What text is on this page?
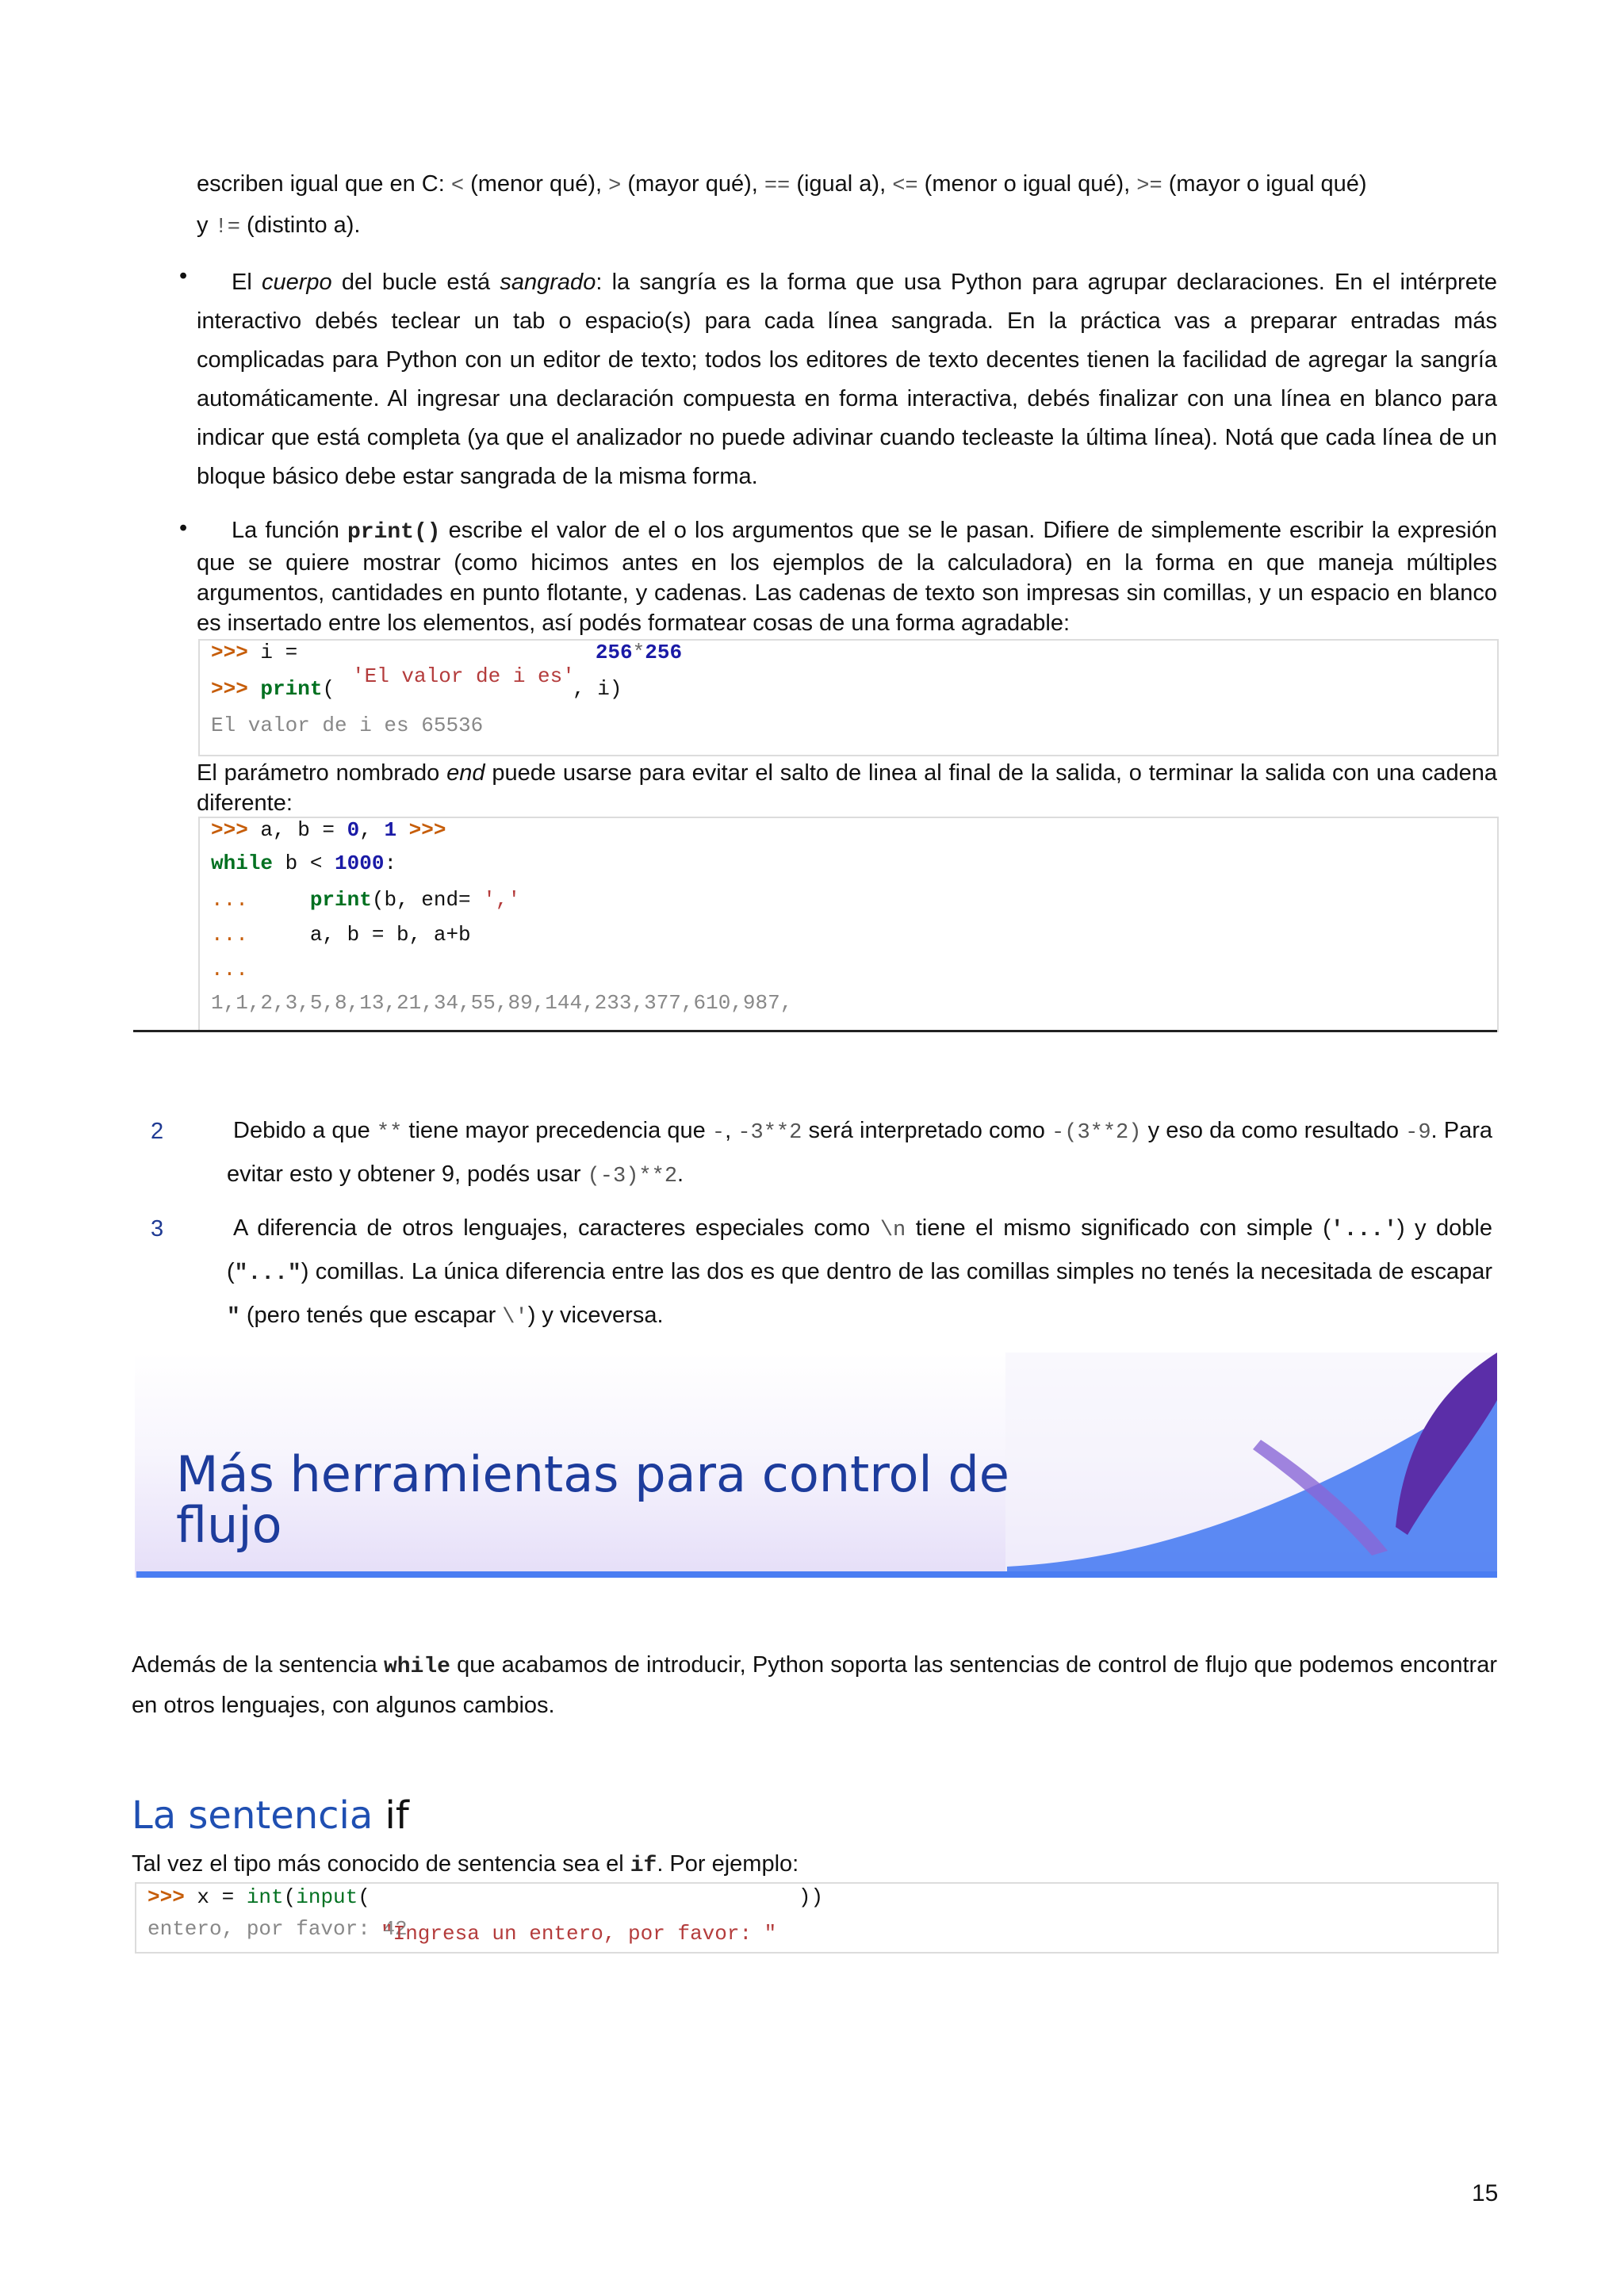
escriben igual que en C: < (menor qué), > (mayor qué), == (igual a), <= (menor o igual qué), >= (mayor o igual qué)
y != (distinto a).
•	El cuerpo del bucle está sangrado: la sangría es la forma que usa Python para agrupar declaraciones. En el intérprete interactivo debés teclear un tab o espacio(s) para cada línea sangrada. En la práctica vas a preparar entradas más complicadas para Python con un editor de texto; todos los editores de texto decentes tienen la facilidad de agregar la sangría automáticamente. Al ingresar una declaración compuesta en forma interactiva, debés finalizar con una línea en blanco para indicar que está completa (ya que el analizador no puede adivinar cuando tecleaste la última línea). Notá que cada línea de un bloque básico debe estar sangrada de la misma forma.
•	La función print() escribe el valor de el o los argumentos que se le pasan. Difiere de simplemente escribir la expresión que se quiere mostrar (como hicimos antes en los ejemplos de la calculadora) en la forma en que maneja múltiples argumentos, cantidades en punto flotante, y cadenas. Las cadenas de texto son impresas sin comillas, y un espacio en blanco es insertado entre los elementos, así podés formatear cosas de una forma agradable:
>>> i =	256*256
'El valor de i es'
>>> print(	, i)
El valor de i es 65536
El parámetro nombrado end puede usarse para evitar el salto de linea al final de la salida, o terminar la salida con una cadena diferente:
>>> a, b = 0, 1 >>>
while b < 1000:
...	print(b, end= ','
...	a, b = b, a+b
...
1,1,2,3,5,8,13,21,34,55,89,144,233,377,610,987,
2	Debido a que ** tiene mayor precedencia que -, -3**2 será interpretado como -(3**2) y eso da como resultado -9. Para evitar esto y obtener 9, podés usar (-3)**2.
3	A diferencia de otros lenguajes, caracteres especiales como \n tiene el mismo significado con simple ('...') y doble ("...") comillas. La única diferencia entre las dos es que dentro de las comillas simples no tenés la necesitada de escapar " (pero tenés que escapar \') y viceversa.
Más herramientas para control de
flujo
Además de la sentencia while que acabamos de introducir, Python soporta las sentencias de control de flujo que podemos encontrar en otros lenguajes, con algunos cambios.
La sentencia if
Tal vez el tipo más conocido de sentencia sea el if. Por ejemplo:
>>> x = int(input(	))
entero, por favor: 42
"Ingresa un entero, por favor: "
15
